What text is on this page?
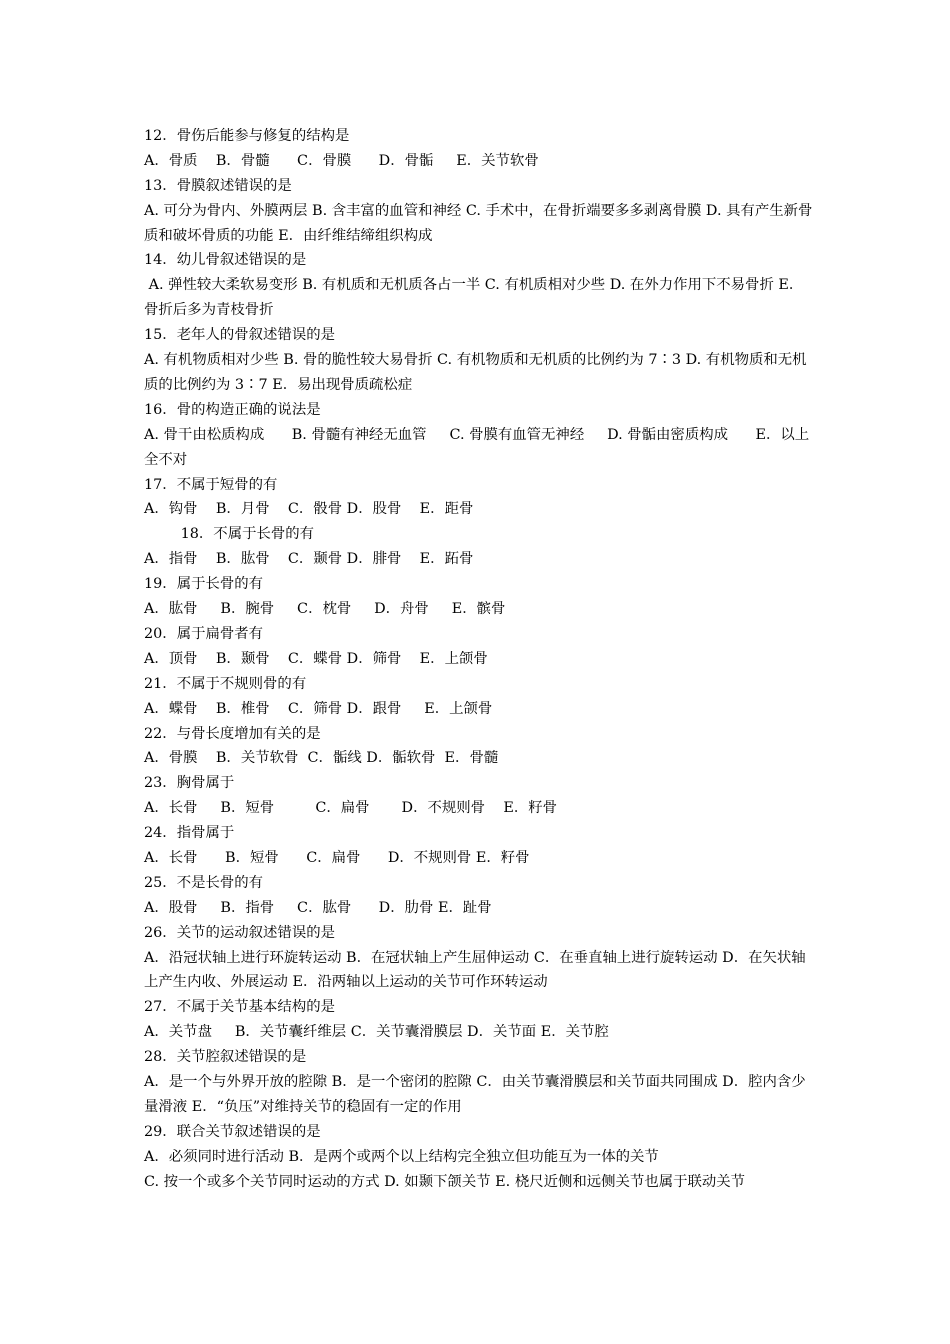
12．骨伤后能参与修复的结构是
A．骨质    B．骨髓      C．骨膜      D．骨骺     E．关节软骨
13．骨膜叙述错误的是
A. 可分为骨内、外膜两层 B. 含丰富的血管和神经 C. 手术中，在骨折端要多多剥离骨膜 D. 具有产生新骨质和破坏骨质的功能 E．由纤维结缔组织构成
14．幼儿骨叙述错误的是
A. 弹性较大柔软易变形 B. 有机质和无机质各占一半 C. 有机质相对少些 D. 在外力作用下不易骨折 E．骨折后多为青枝骨折
15．老年人的骨叙述错误的是
A. 有机物质相对少些 B. 骨的脆性较大易骨折 C. 有机物质和无机质的比例约为 7∶3 D. 有机物质和无机质的比例约为 3∶7 E．易出现骨质疏松症
16．骨的构造正确的说法是
A. 骨干由松质构成      B. 骨髓有神经无血管     C. 骨膜有血管无神经     D. 骨骺由密质构成      E．以上全不对
17．不属于短骨的有
A．钩骨    B．月骨    C．骰骨 D．股骨    E．距骨
18．不属于长骨的有
A．指骨    B．肱骨    C．颞骨 D．腓骨    E．跖骨
19．属于长骨的有
A．肱骨     B．腕骨     C．枕骨     D．舟骨     E．髌骨
20．属于扁骨者有
A．顶骨    B．颞骨    C．蝶骨 D．筛骨    E．上颌骨
21．不属于不规则骨的有
A．蝶骨    B．椎骨    C．筛骨 D．跟骨     E．上颌骨
22．与骨长度增加有关的是
A．骨膜    B．关节软骨  C．骺线 D．骺软骨  E．骨髓
23．胸骨属于
A．长骨     B．短骨         C．扁骨       D．不规则骨    E．籽骨
24．指骨属于
A．长骨      B．短骨      C．扁骨      D．不规则骨 E．籽骨
25．不是长骨的有
A．股骨     B．指骨     C．肱骨      D．肋骨 E．趾骨
26．关节的运动叙述错误的是
A．沿冠状轴上进行环旋转运动 B．在冠状轴上产生屈伸运动 C．在垂直轴上进行旋转运动 D．在矢状轴上产生内收、外展运动 E．沿两轴以上运动的关节可作环转运动
27．不属于关节基本结构的是
A．关节盘     B．关节囊纤维层 C．关节囊滑膜层 D．关节面 E．关节腔
28．关节腔叙述错误的是
A．是一个与外界开放的腔隙 B．是一个密闭的腔隙 C．由关节囊滑膜层和关节面共同围成 D．腔内含少量滑液 E．“负压”对维持关节的稳固有一定的作用
29．联合关节叙述错误的是
A．必须同时进行活动 B．是两个或两个以上结构完全独立但功能互为一体的关节
C. 按一个或多个关节同时运动的方式 D. 如颞下颌关节 E. 桡尺近侧和远侧关节也属于联动关节
